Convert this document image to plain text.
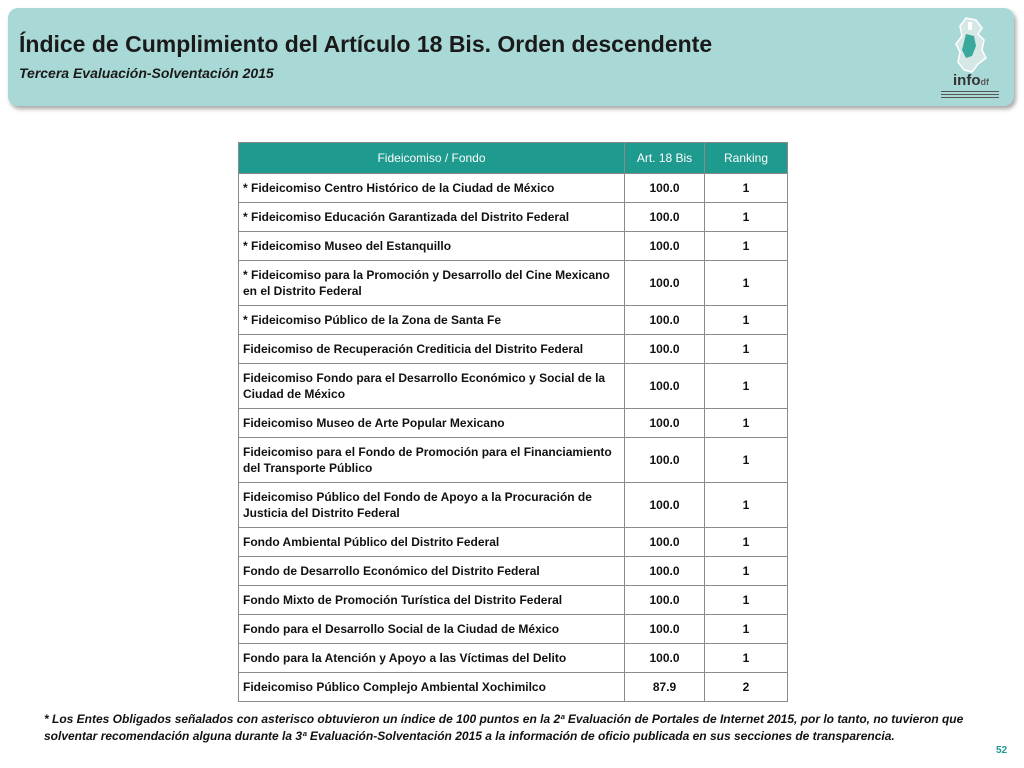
Índice de Cumplimiento del Artículo 18 Bis. Orden descendente
Tercera Evaluación-Solventación 2015	infodf
Fideicomiso / Fondo	Art. 18 Bis	Ranking
* Fideicomiso Centro Histórico de la Ciudad de México	100.0	1
* Fideicomiso Educación Garantizada del Distrito Federal	100.0	1
* Fideicomiso Museo del Estanquillo	100.0	1
* Fideicomiso para la Promoción y Desarrollo del Cine Mexicano en el Distrito Federal	100.0	1
* Fideicomiso Público de la Zona de Santa Fe	100.0	1
Fideicomiso de Recuperación Crediticia del Distrito Federal	100.0	1
Fideicomiso Fondo para el Desarrollo Económico y Social de la Ciudad de México	100.0	1
Fideicomiso Museo de Arte Popular Mexicano	100.0	1
Fideicomiso para el Fondo de Promoción para el Financiamiento del Transporte Público	100.0	1
Fideicomiso Público del Fondo de Apoyo a la Procuración de Justicia del Distrito Federal	100.0	1
Fondo Ambiental Público del Distrito Federal	100.0	1
Fondo de Desarrollo Económico del Distrito Federal	100.0	1
Fondo Mixto de Promoción Turística del Distrito Federal	100.0	1
Fondo para el Desarrollo Social de la Ciudad de México	100.0	1
Fondo para la Atención y Apoyo a las Víctimas del Delito	100.0	1
Fideicomiso Público Complejo Ambiental Xochimilco	87.9	2
* Los Entes Obligados señalados con asterisco obtuvieron un índice de 100 puntos en la 2ª Evaluación de Portales de Internet 2015, por lo tanto, no tuvieron que solventar recomendación alguna durante la 3ª Evaluación-Solventación 2015 a la información de oficio publicada en sus secciones de transparencia.
52
